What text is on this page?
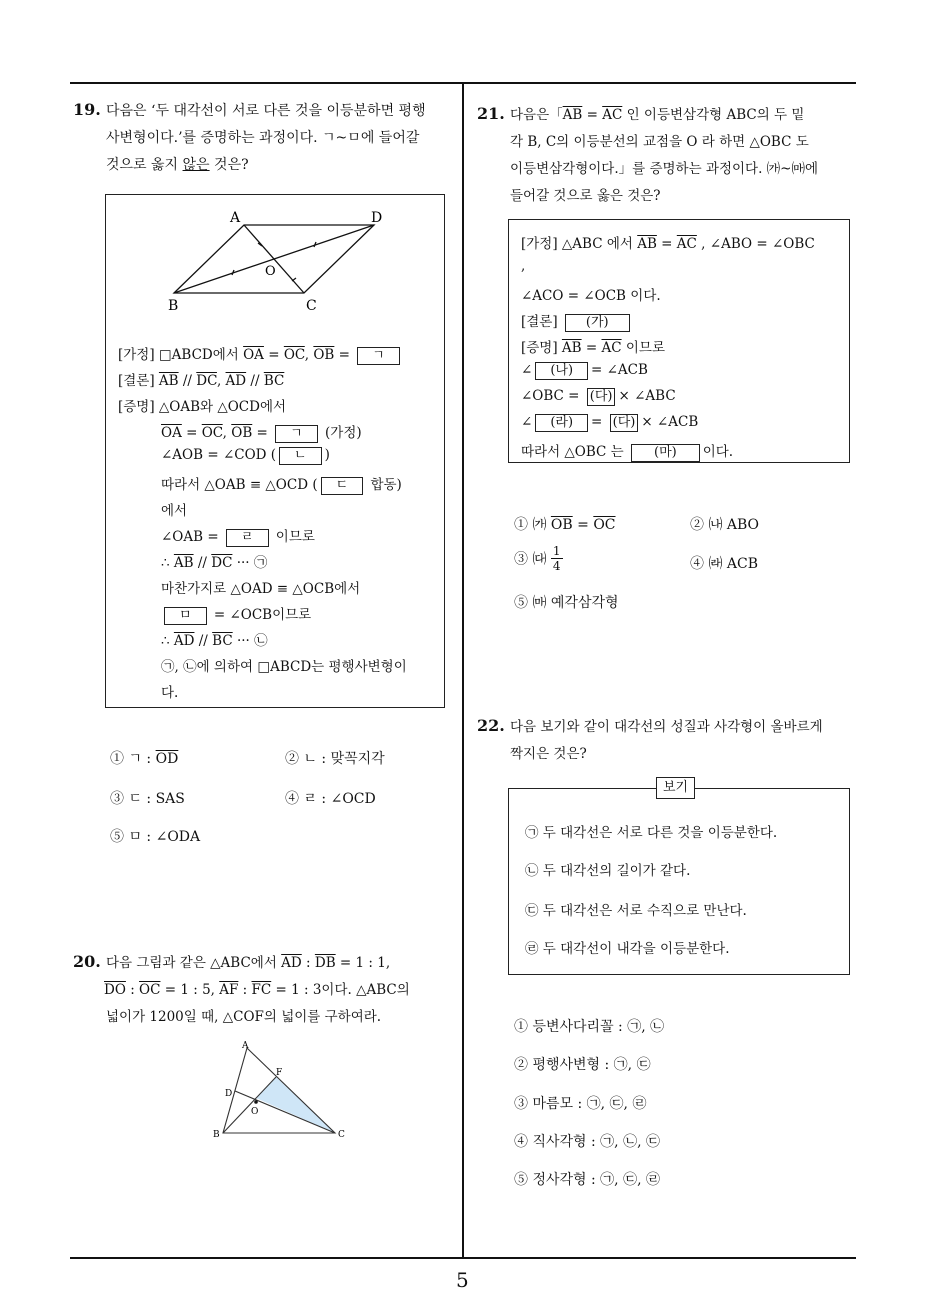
5
19. 다음은 ‘두 대각선이 서로 다른 것을 이등분하면 평행
사변형이다.’를 증명하는 과정이다. ㄱ~ㅁ에 들어갈
것으로 옳지 않은 것은?
A	D
O
B	C
[가정] □ABCD에서 $\overline{OA} = \overline{OC}$, $\overline{OB}$ = ㄱ
[결론] $\overline{AB} // \overline{DC}$, $\overline{AD} // \overline{BC}$
[증명] △OAB와 △OCD에서
$\overline{OA} = \overline{OC}$, $\overline{OB}$ = ㄱ (가정)
∠AOB = ∠COD ( ㄴ )
따라서 △OAB ≡ △OCD ( ㄷ 합동)
에서
∠OAB = ㄹ 이므로
∴ $\overline{AB} // \overline{DC}$ ··· ㉠
마찬가지로 △OAD ≡ △OCB에서
ㅁ = ∠OCB이므로
∴ $\overline{AD} // \overline{BC}$ ··· ㉡
㉠, ㉡에 의하여 □ABCD는 평행사변형이
다.
① ㄱ : $\overline{OD}$	② ㄴ : 맞꼭지각
③ ㄷ : SAS	④ ㄹ : ∠OCD
⑤ ㅁ : ∠ODA
20. 다음 그림과 같은 △ABC에서 $\overline{AD}$ : $\overline{DB} = 1$ : 1,
$\overline{DO}$ : $\overline{OC} = 1$ : 5, $\overline{AF}$ : $\overline{FC} = 1$ : 3이다. △ABC의
넓이가 1200일 때, △COF의 넓이를 구하여라.
A
F
D
O
B	C
21. 다음은「$\overline{AB} = \overline{AC}$ 인 이등변삼각형 ABC의 두 밑
각 B, C의 이등분선의 교점을 O 라 하면 △OBC 도
이등변삼각형이다.」를 증명하는 과정이다. ㈎~㈒에
들어갈 것으로 옳은 것은?
[가정] △ABC 에서 $\overline{AB} = \overline{AC}$ , ∠ABO = ∠OBC
,
∠ACO = ∠OCB 이다.
[결론] (가)
[증명] $\overline{AB} = \overline{AC}$ 이므로
∠ (나) = ∠ACB
∠OBC = (다) × ∠ABC
∠ (라) = (다) × ∠ACB
따라서 △OBC 는 (마) 이다.
① ㈎ $\overline{OB} = \overline{OC}$	② ㈏ ABO
③ ㈐ $\frac{1}{4}$	④ ㈑ ACB
⑤ ㈒ 예각삼각형
22. 다음 보기와 같이 대각선의 성질과 사각형이 올바르게
짝지은 것은?
㉠ 두 대각선은 서로 다른 것을 이등분한다.
㉡ 두 대각선의 길이가 같다.
㉢ 두 대각선은 서로 수직으로 만난다.
㉣ 두 대각선이 내각을 이등분한다.
보기
① 등변사다리꼴 : ㉠, ㉡
② 평행사변형 : ㉠, ㉢
③ 마름모 : ㉠, ㉢, ㉣
④ 직사각형 : ㉠, ㉡, ㉢
⑤ 정사각형 : ㉠, ㉢, ㉣
